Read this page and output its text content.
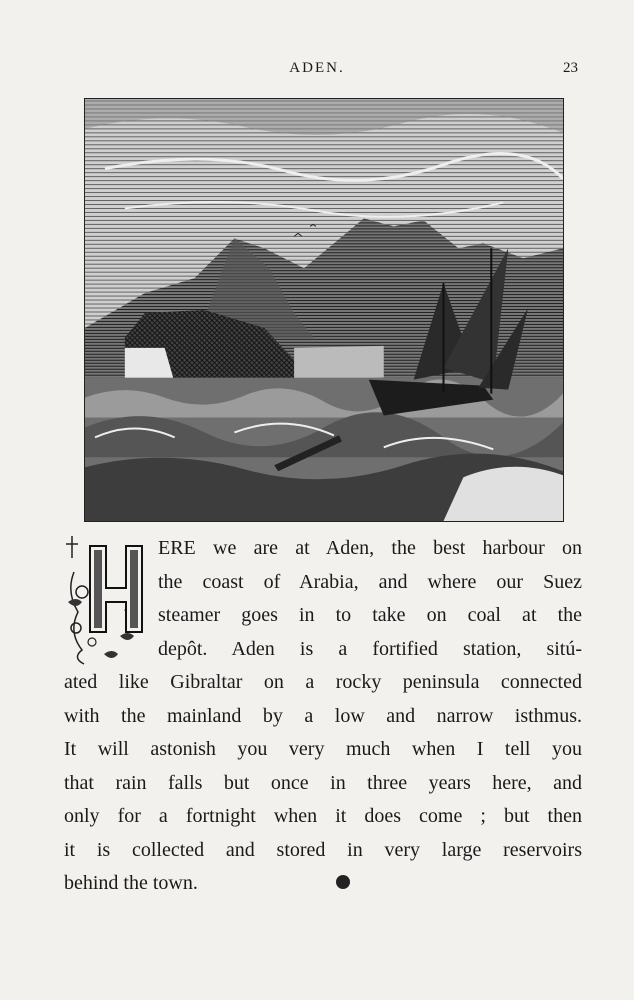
ADEN.	23
ERE we are at Aden, the best harbour on
the coast of Arabia, and where our Suez
steamer goes in to take on coal at the
depôt. Aden is a fortified station, sitú-
ated like Gibraltar on a rocky peninsula connected
with the mainland by a low and narrow isthmus.
It will astonish you very much when I tell you
that rain falls but once in three years here, and
only for a fortnight when it does come ; but then
it is collected and stored in very large reservoirs
behind the town.
